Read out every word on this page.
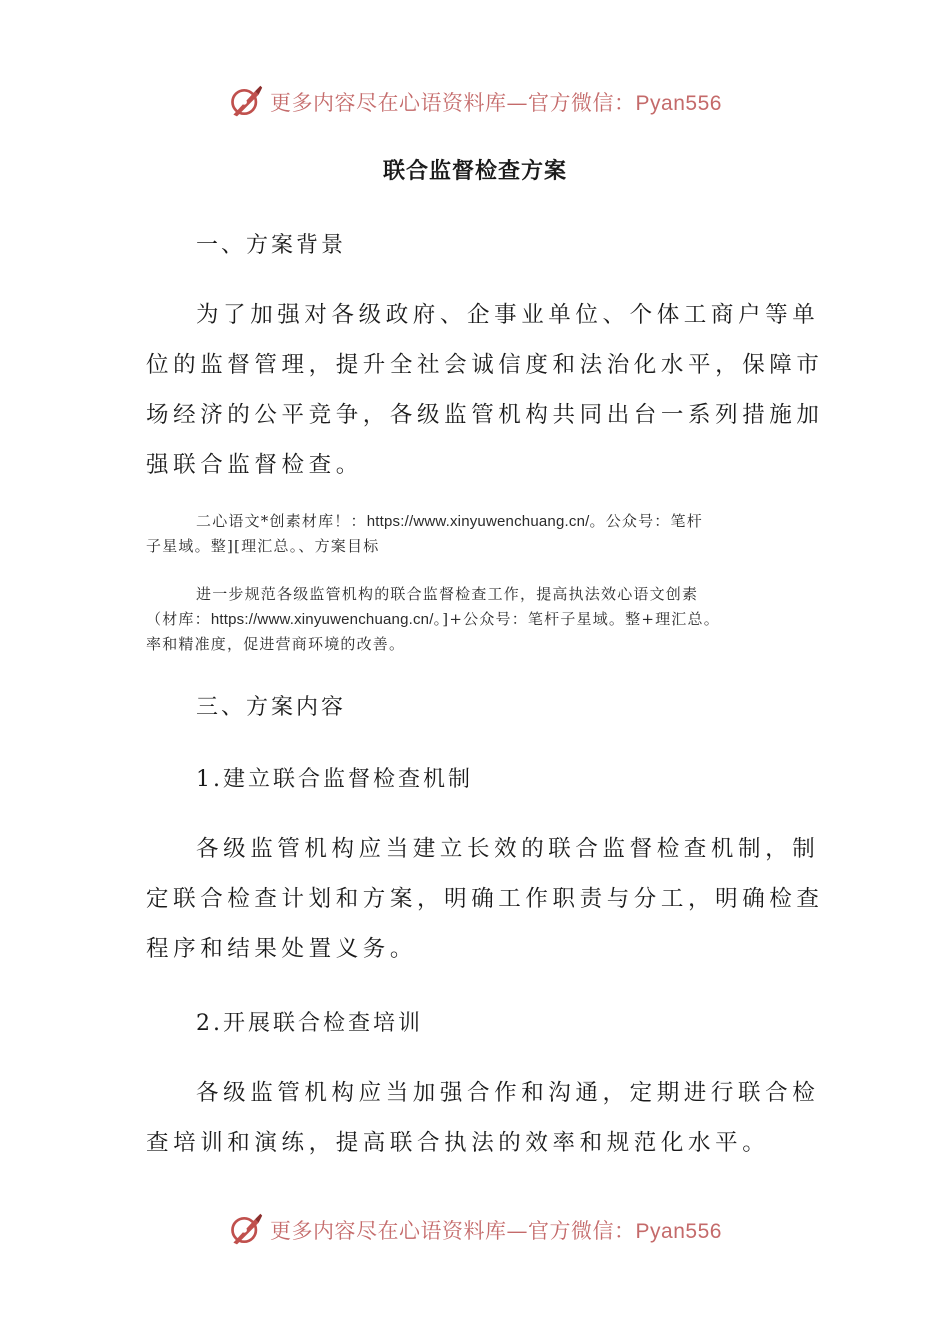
更多内容尽在心语资料库—官方微信：Pyan556
联合监督检查方案
一、方案背景
为了加强对各级政府、企事业单位、个体工商户等单
位的监督管理，提升全社会诚信度和法治化水平，保障市
场经济的公平竞争，各级监管机构共同出台一系列措施加
强联合监督检查。
二心语文*创素材库！：https://www.xinyuwenchuang.cn/。公众号：笔杆
子星域。整][理汇总。、方案目标
进一步规范各级监管机构的联合监督检查工作，提高执法效心语文创素
（材库：https://www.xinyuwenchuang.cn/。]+公众号：笔杆子星域。整+理汇总。
率和精准度，促进营商环境的改善。
三、方案内容
1.建立联合监督检查机制
各级监管机构应当建立长效的联合监督检查机制，制
定联合检查计划和方案，明确工作职责与分工，明确检查
程序和结果处置义务。
2.开展联合检查培训
各级监管机构应当加强合作和沟通，定期进行联合检
查培训和演练，提高联合执法的效率和规范化水平。
更多内容尽在心语资料库—官方微信：Pyan556
